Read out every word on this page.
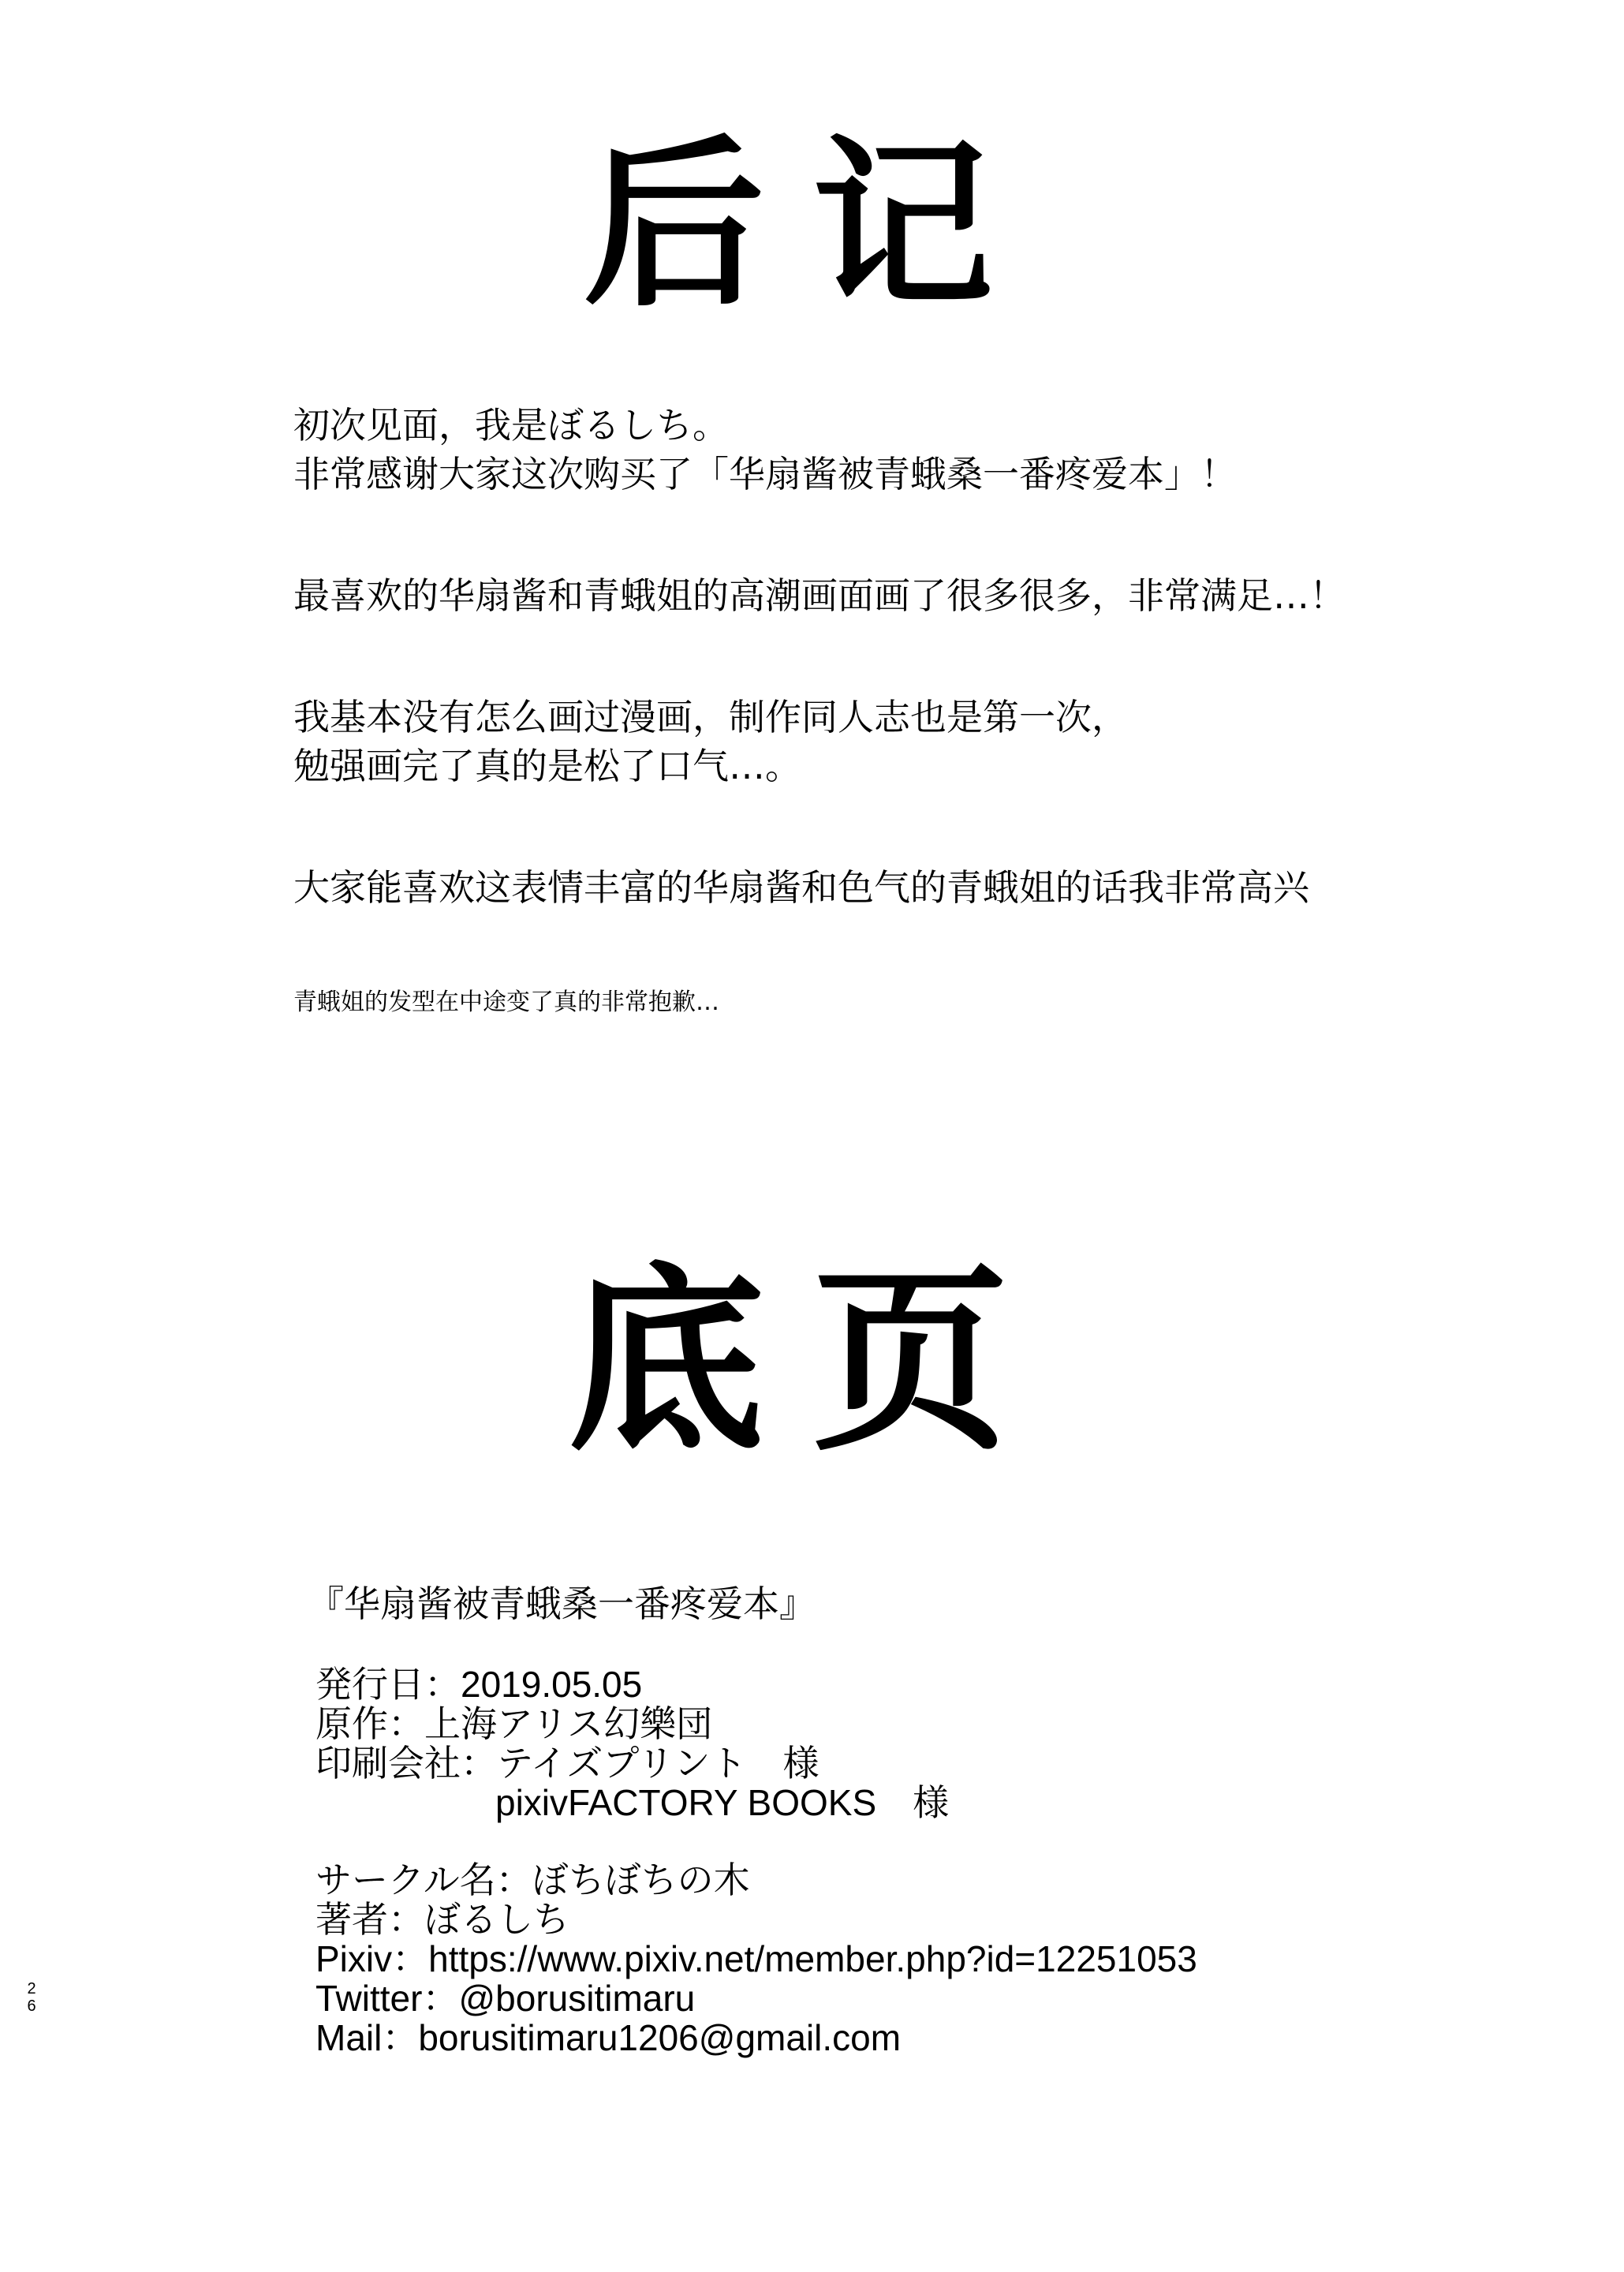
后记
初次见面，我是ぼるしち。
非常感谢大家这次购买了「华扇酱被青蛾桑一番疼爱本」！
最喜欢的华扇酱和青蛾姐的高潮画面画了很多很多，非常满足…！
我基本没有怎么画过漫画，制作同人志也是第一次，
勉强画完了真的是松了口气…。
大家能喜欢这表情丰富的华扇酱和色气的青蛾姐的话我非常高兴
青蛾姐的发型在中途变了真的非常抱歉…
底页
『华扇酱被青蛾桑一番疼爱本』
発行日：2019.05.05
原作：上海アリス幻樂団
印刷会社：テイズプリント　様
pixivFACTORY BOOKS　様
サークル名：ぼちぼちの木
著者：ぼるしち
Pixiv：https://www.pixiv.net/member.php?id=12251053
Twitter：@borusitimaru
Mail：borusitimaru1206@gmail.com
2
6
